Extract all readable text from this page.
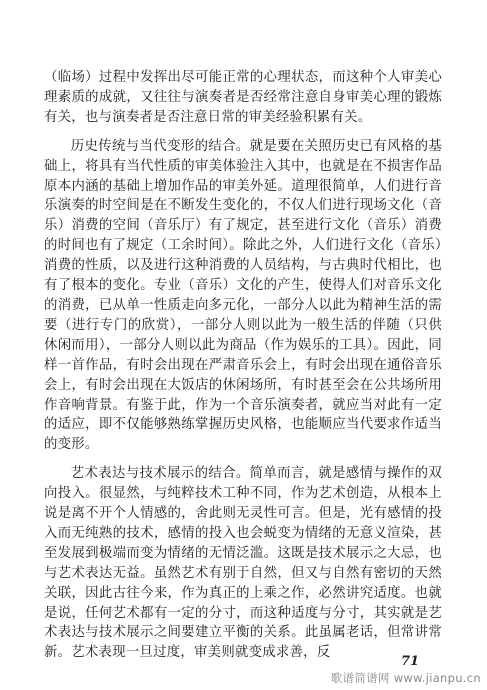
（临场）过程中发挥出尽可能正常的心理状态，而这种个人审美心理素质的成就，又往往与演奏者是否经常注意自身审美心理的锻炼有关，也与演奏者是否注意日常的审美经验积累有关。

历史传统与当代变形的结合。就是要在关照历史已有风格的基础上，将具有当代性质的审美体验注入其中，也就是在不损害作品原本内涵的基础上增加作品的审美外延。道理很简单，人们进行音乐演奏的时空间是在不断发生变化的，不仅人们进行现场文化（音乐）消费的空间（音乐厅）有了规定，甚至进行文化（音乐）消费的时间也有了规定（工余时间）。除此之外，人们进行文化（音乐）消费的性质，以及进行这种消费的人员结构，与古典时代相比，也有了根本的变化。专业（音乐）文化的产生，使得人们对音乐文化的消费，已从单一性质走向多元化，一部分人以此为精神生活的需要（进行专门的欣赏），一部分人则以此为一般生活的伴随（只供休闲而用），一部分人则以此为商品（作为娱乐的工具）。因此，同样一首作品，有时会出现在严肃音乐会上，有时会出现在通俗音乐会上，有时会出现在大饭店的休闲场所，有时甚至会在公共场所用作音响背景。有鉴于此，作为一个音乐演奏者，就应当对此有一定的适应，即不仅能够熟练掌握历史风格，也能顺应当代要求作适当的变形。

艺术表达与技术展示的结合。简单而言，就是感情与操作的双向投入。很显然，与纯粹技术工种不同，作为艺术创造，从根本上说是离不开个人情感的，舍此则无灵性可言。但是，光有感情的投入而无纯熟的技术，感情的投入也会蜕变为情绪的无意义渲染，甚至发展到极端而变为情绪的无情泛滥。这既是技术展示之大忌，也与艺术表达无益。虽然艺术有别于自然，但又与自然有密切的天然关联，因此古往今来，作为真正的上乘之作，必然讲究适度。也就是说，任何艺术都有一定的分寸，而这种适度与分寸，其实就是艺术表达与技术展示之间要建立平衡的关系。此虽属老话，但常讲常新。艺术表现一旦过度，审美则就变成求善，反

71
歌谱简谱网 www.jianpu.cn
